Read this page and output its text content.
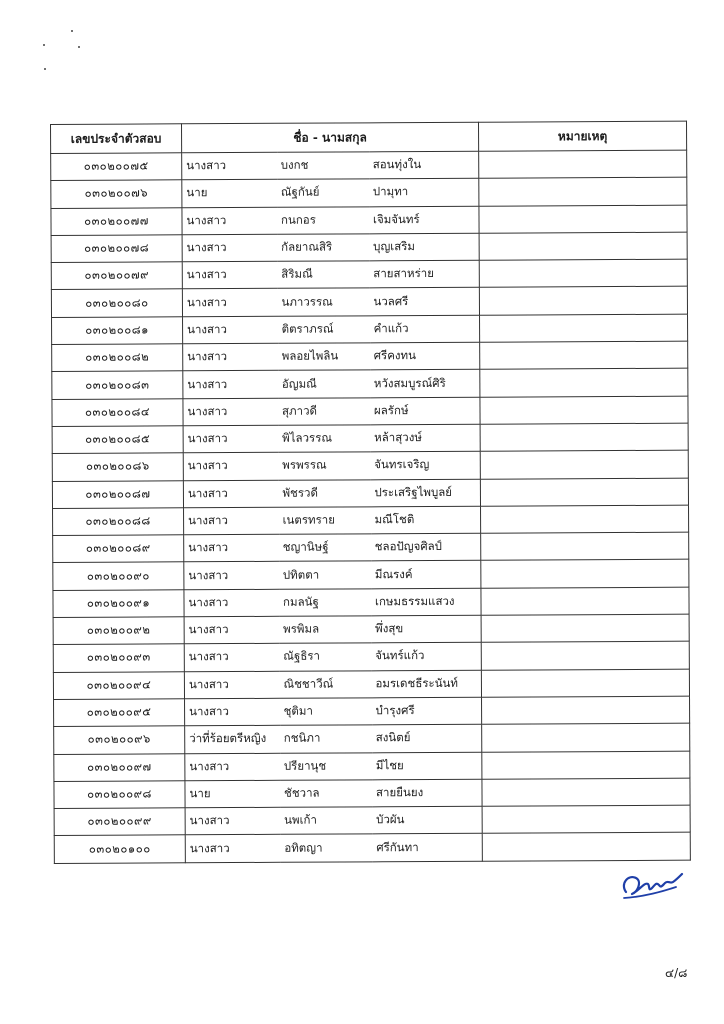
เลขประจำตัวสอบ	ชื่อ - นามสกุล			หมายเหตุ
๐๓๐๒๐๐๗๕	นางสาว	บงกช	สอนทุ่งใน	
๐๓๐๒๐๐๗๖	นาย	ณัฐกันย์	ปามุทา	
๐๓๐๒๐๐๗๗	นางสาว	กนกอร	เจิมจันทร์	
๐๓๐๒๐๐๗๘	นางสาว	กัลยาณสิริ	บุญเสริม	
๐๓๐๒๐๐๗๙	นางสาว	สิริมณี	สายสาหร่าย	
๐๓๐๒๐๐๘๐	นางสาว	นภาวรรณ	นวลศรี	
๐๓๐๒๐๐๘๑	นางสาว	ติตราภรณ์	คำแก้ว	
๐๓๐๒๐๐๘๒	นางสาว	พลอยไพลิน	ศรีคงทน	
๐๓๐๒๐๐๘๓	นางสาว	อัญมณี	หวังสมบูรณ์ศิริ	
๐๓๐๒๐๐๘๔	นางสาว	สุภาวดี	ผลรักษ์	
๐๓๐๒๐๐๘๕	นางสาว	พิไลวรรณ	หล้าสุวงษ์	
๐๓๐๒๐๐๘๖	นางสาว	พรพรรณ	จันทรเจริญ	
๐๓๐๒๐๐๘๗	นางสาว	พัชรวดี	ประเสริฐไพบูลย์	
๐๓๐๒๐๐๘๘	นางสาว	เนตรทราย	มณีโชติ	
๐๓๐๒๐๐๘๙	นางสาว	ชญานิษฐ์	ชลอปัญจศิลป์	
๐๓๐๒๐๐๙๐	นางสาว	ปทิตตา	มีณรงค์	
๐๓๐๒๐๐๙๑	นางสาว	กมลนัฐ	เกษมธรรมแสวง	
๐๓๐๒๐๐๙๒	นางสาว	พรพิมล	พึ่งสุข	
๐๓๐๒๐๐๙๓	นางสาว	ณัฐธิรา	จันทร์แก้ว	
๐๓๐๒๐๐๙๔	นางสาว	ณิชชาวีณ์	อมรเดชธีระนันท์	
๐๓๐๒๐๐๙๕	นางสาว	ชุติมา	บำรุงศรี	
๐๓๐๒๐๐๙๖	ว่าที่ร้อยตรีหญิง	กชนิภา	สงนิตย์	
๐๓๐๒๐๐๙๗	นางสาว	ปรียานุช	มีไชย	
๐๓๐๒๐๐๙๘	นาย	ชัชวาล	สายยืนยง	
๐๓๐๒๐๐๙๙	นางสาว	นพเก้า	บัวผัน	
๐๓๐๒๐๑๐๐	นางสาว	อทิตญา	ศรีกันทา	
๔/๘
